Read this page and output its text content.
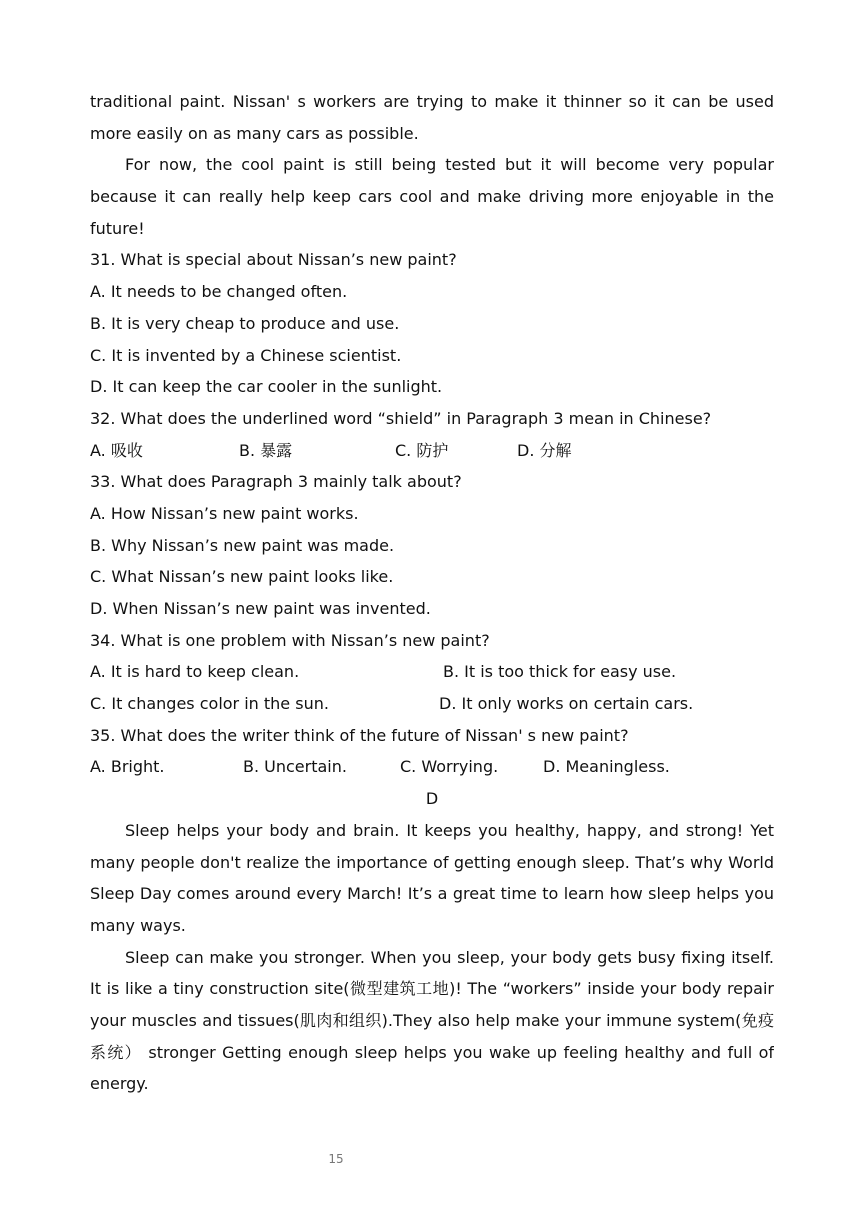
traditional paint. Nissan' s workers are trying to make it thinner so it can be used
more easily on as many cars as possible.
For now, the cool paint is still being tested but it will become very popular
because it can really help keep cars cool and make driving more enjoyable in the
future!
31. What is special about Nissan’s new paint?
A. It needs to be changed often.
B. It is very cheap to produce and use.
C. It is invented by a Chinese scientist.
D. It can keep the car cooler in the sunlight.
32. What does the underlined word “shield” in Paragraph 3 mean in Chinese?
A. 吸收	B. 暴露	C. 防护	D. 分解
33. What does Paragraph 3 mainly talk about?
A. How Nissan’s new paint works.
B. Why Nissan’s new paint was made.
C. What Nissan’s new paint looks like.
D. When Nissan’s new paint was invented.
34. What is one problem with Nissan’s new paint?
A. It is hard to keep clean.	B. It is too thick for easy use.
C. It changes color in the sun.	D. It only works on certain cars.
35. What does the writer think of the future of Nissan' s new paint?
A. Bright.	B. Uncertain.	C. Worrying.	D. Meaningless.
D
Sleep helps your body and brain. It keeps you healthy, happy, and strong! Yet
many people don't realize the importance of getting enough sleep. That’s why World
Sleep Day comes around every March! It’s a great time to learn how sleep helps you
many ways.
Sleep can make you stronger. When you sleep, your body gets busy fixing itself.
It is like a tiny construction site(微型建筑工地)! The “workers” inside your body repair
your muscles and tissues(肌肉和组织).They also help make your immune system(免疫
系统） stronger Getting enough sleep helps you wake up feeling healthy and full of
energy.
15
